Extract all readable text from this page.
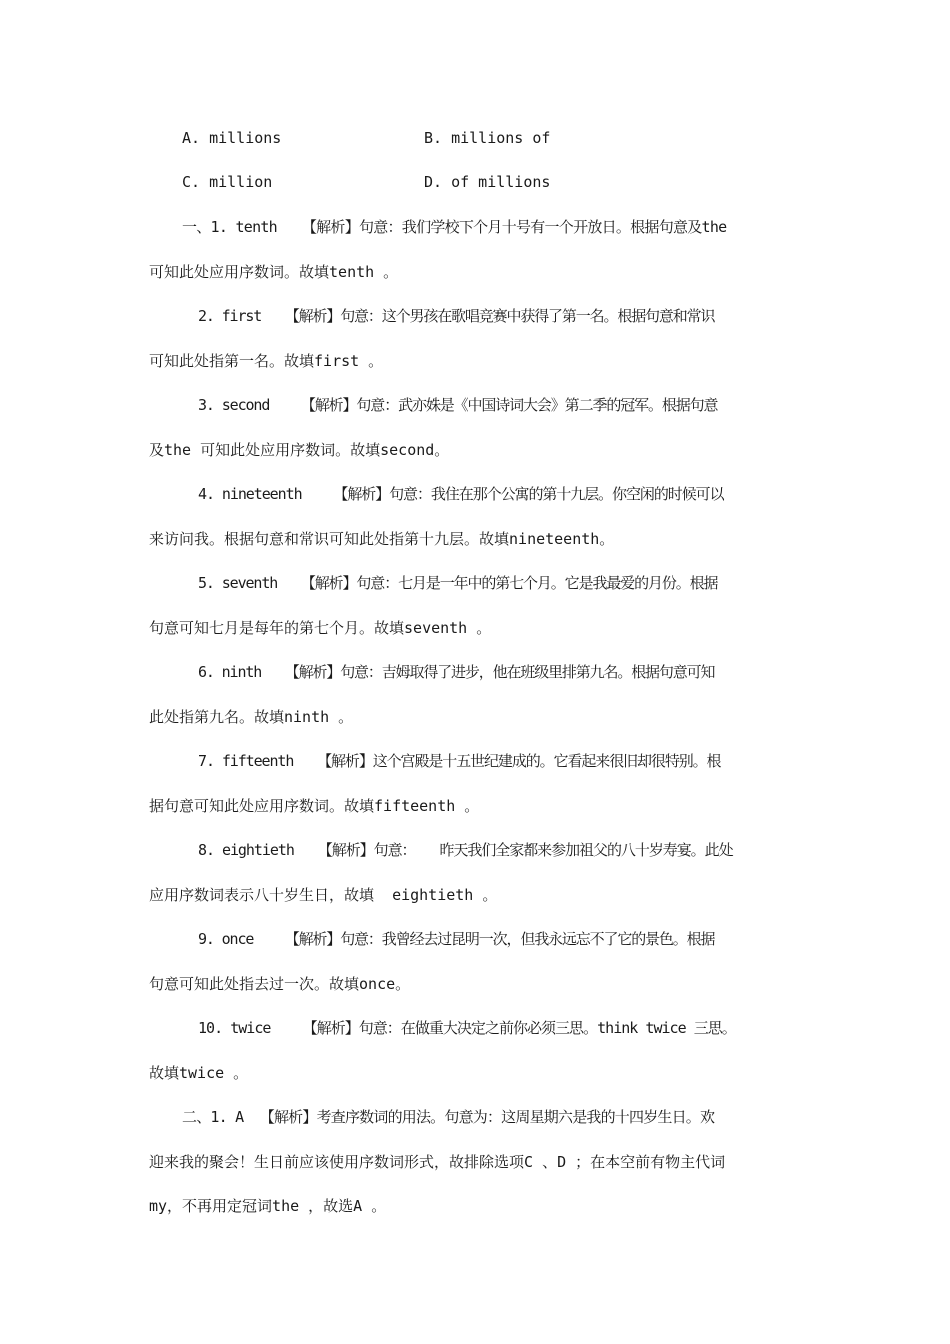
A. millions	B. millions of
C. million	D. of millions
一、1. tenth   【解析】句意：我们学校下个月十号有一个开放日。根据句意及the
可知此处应用序数词。故填tenth 。
2. first   【解析】句意：这个男孩在歌唱竞赛中获得了第一名。根据句意和常识
可知此处指第一名。故填first 。
3. second    【解析】句意：武亦姝是《中国诗词大会》第二季的冠军。根据句意
及the 可知此处应用序数词。故填second。
4. nineteenth    【解析】句意：我住在那个公寓的第十九层。你空闲的时候可以
来访问我。根据句意和常识可知此处指第十九层。故填nineteenth。
5. seventh   【解析】句意：七月是一年中的第七个月。它是我最爱的月份。根据
句意可知七月是每年的第七个月。故填seventh 。
6. ninth   【解析】句意：吉姆取得了进步，他在班级里排第九名。根据句意可知
此处指第九名。故填ninth 。
7. fifteenth   【解析】这个宫殿是十五世纪建成的。它看起来很旧却很特别。根
据句意可知此处应用序数词。故填fifteenth 。
8. eightieth   【解析】句意：   昨天我们全家都来参加祖父的八十岁寿宴。此处
应用序数词表示八十岁生日，故填  eightieth 。
9. once    【解析】句意：我曾经去过昆明一次，但我永远忘不了它的景色。根据
句意可知此处指去过一次。故填once。
10. twice    【解析】句意：在做重大决定之前你必须三思。think twice 三思。
故填twice 。
二、1. A  【解析】考查序数词的用法。句意为：这周星期六是我的十四岁生日。欢
迎来我的聚会！生日前应该使用序数词形式，故排除选项C 、D ；在本空前有物主代词
my，不再用定冠词the ，故选A 。
